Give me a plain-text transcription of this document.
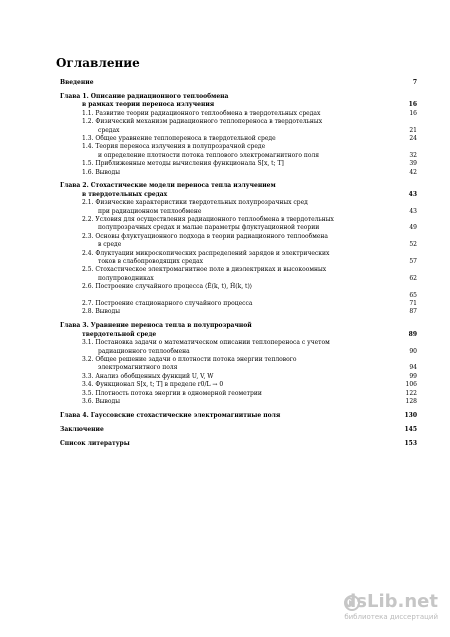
Оглавление
Введение	7
Глава 1. Описание радиационного теплообмена
в рамках теории переноса излучения	16
1.1. Развитие теории радиационного теплообмена в твердотельных средах	16
1.2. Физический механизм радиационного теплопереноса в твердотельных
средах	21
1.3. Общее уравнение теплопереноса в твердотельной среде	24
1.4. Теория переноса излучения в полупрозрачной среде
и определение плотности потока теплового электромагнитного поля	32
1.5. Приближенные методы вычисления функционала S[x, t; T]	39
1.6. Выводы	42
Глава 2. Стохастические модели переноса тепла излучением
в твердотельных средах	43
2.1. Физические характеристики твердотельных полупрозрачных сред
при радиационном теплообмене	43
2.2. Условия для осуществления радиационного теплообмена в твердотельных
полупрозрачных средах и малые параметры флуктуационной теории	49
2.3. Основы флуктуационного подхода в теории радиационного теплообмена
в среде	52
2.4. Флуктуации микроскопических распределений зарядов и электрических
токов в слабопроводящих средах	57
2.5. Стохастическое электромагнитное поле в диэлектриках и высокоомных
полупроводниках	62
2.6. Построение случайного процесса ⟨Ê(k, t), Ĥ(k, t)⟩
65
2.7. Построение стационарного случайного процесса	71
2.8. Выводы	87
Глава 3. Уравнение переноса тепла в полупрозрачной
твердотельной среде	89
3.1. Постановка задачи о математическом описании теплопереноса с учетом
радиационного теплообмена	90
3.2. Общее решение задачи о плотности потока энергии теплового
электромагнитного поля	94
3.3. Анализ обобщенных функций U, V, W	99
3.4. Функционал S[x, t; T] в пределе r0/L → 0	106
3.5. Плотность потока энергии в одномерной геометрии	122
3.6. Выводы	128
Глава 4. Гауссовские стохастические электромагнитные поля	130
Заключение	145
Список литературы	153
dsLib.net
библиотека диссертаций
